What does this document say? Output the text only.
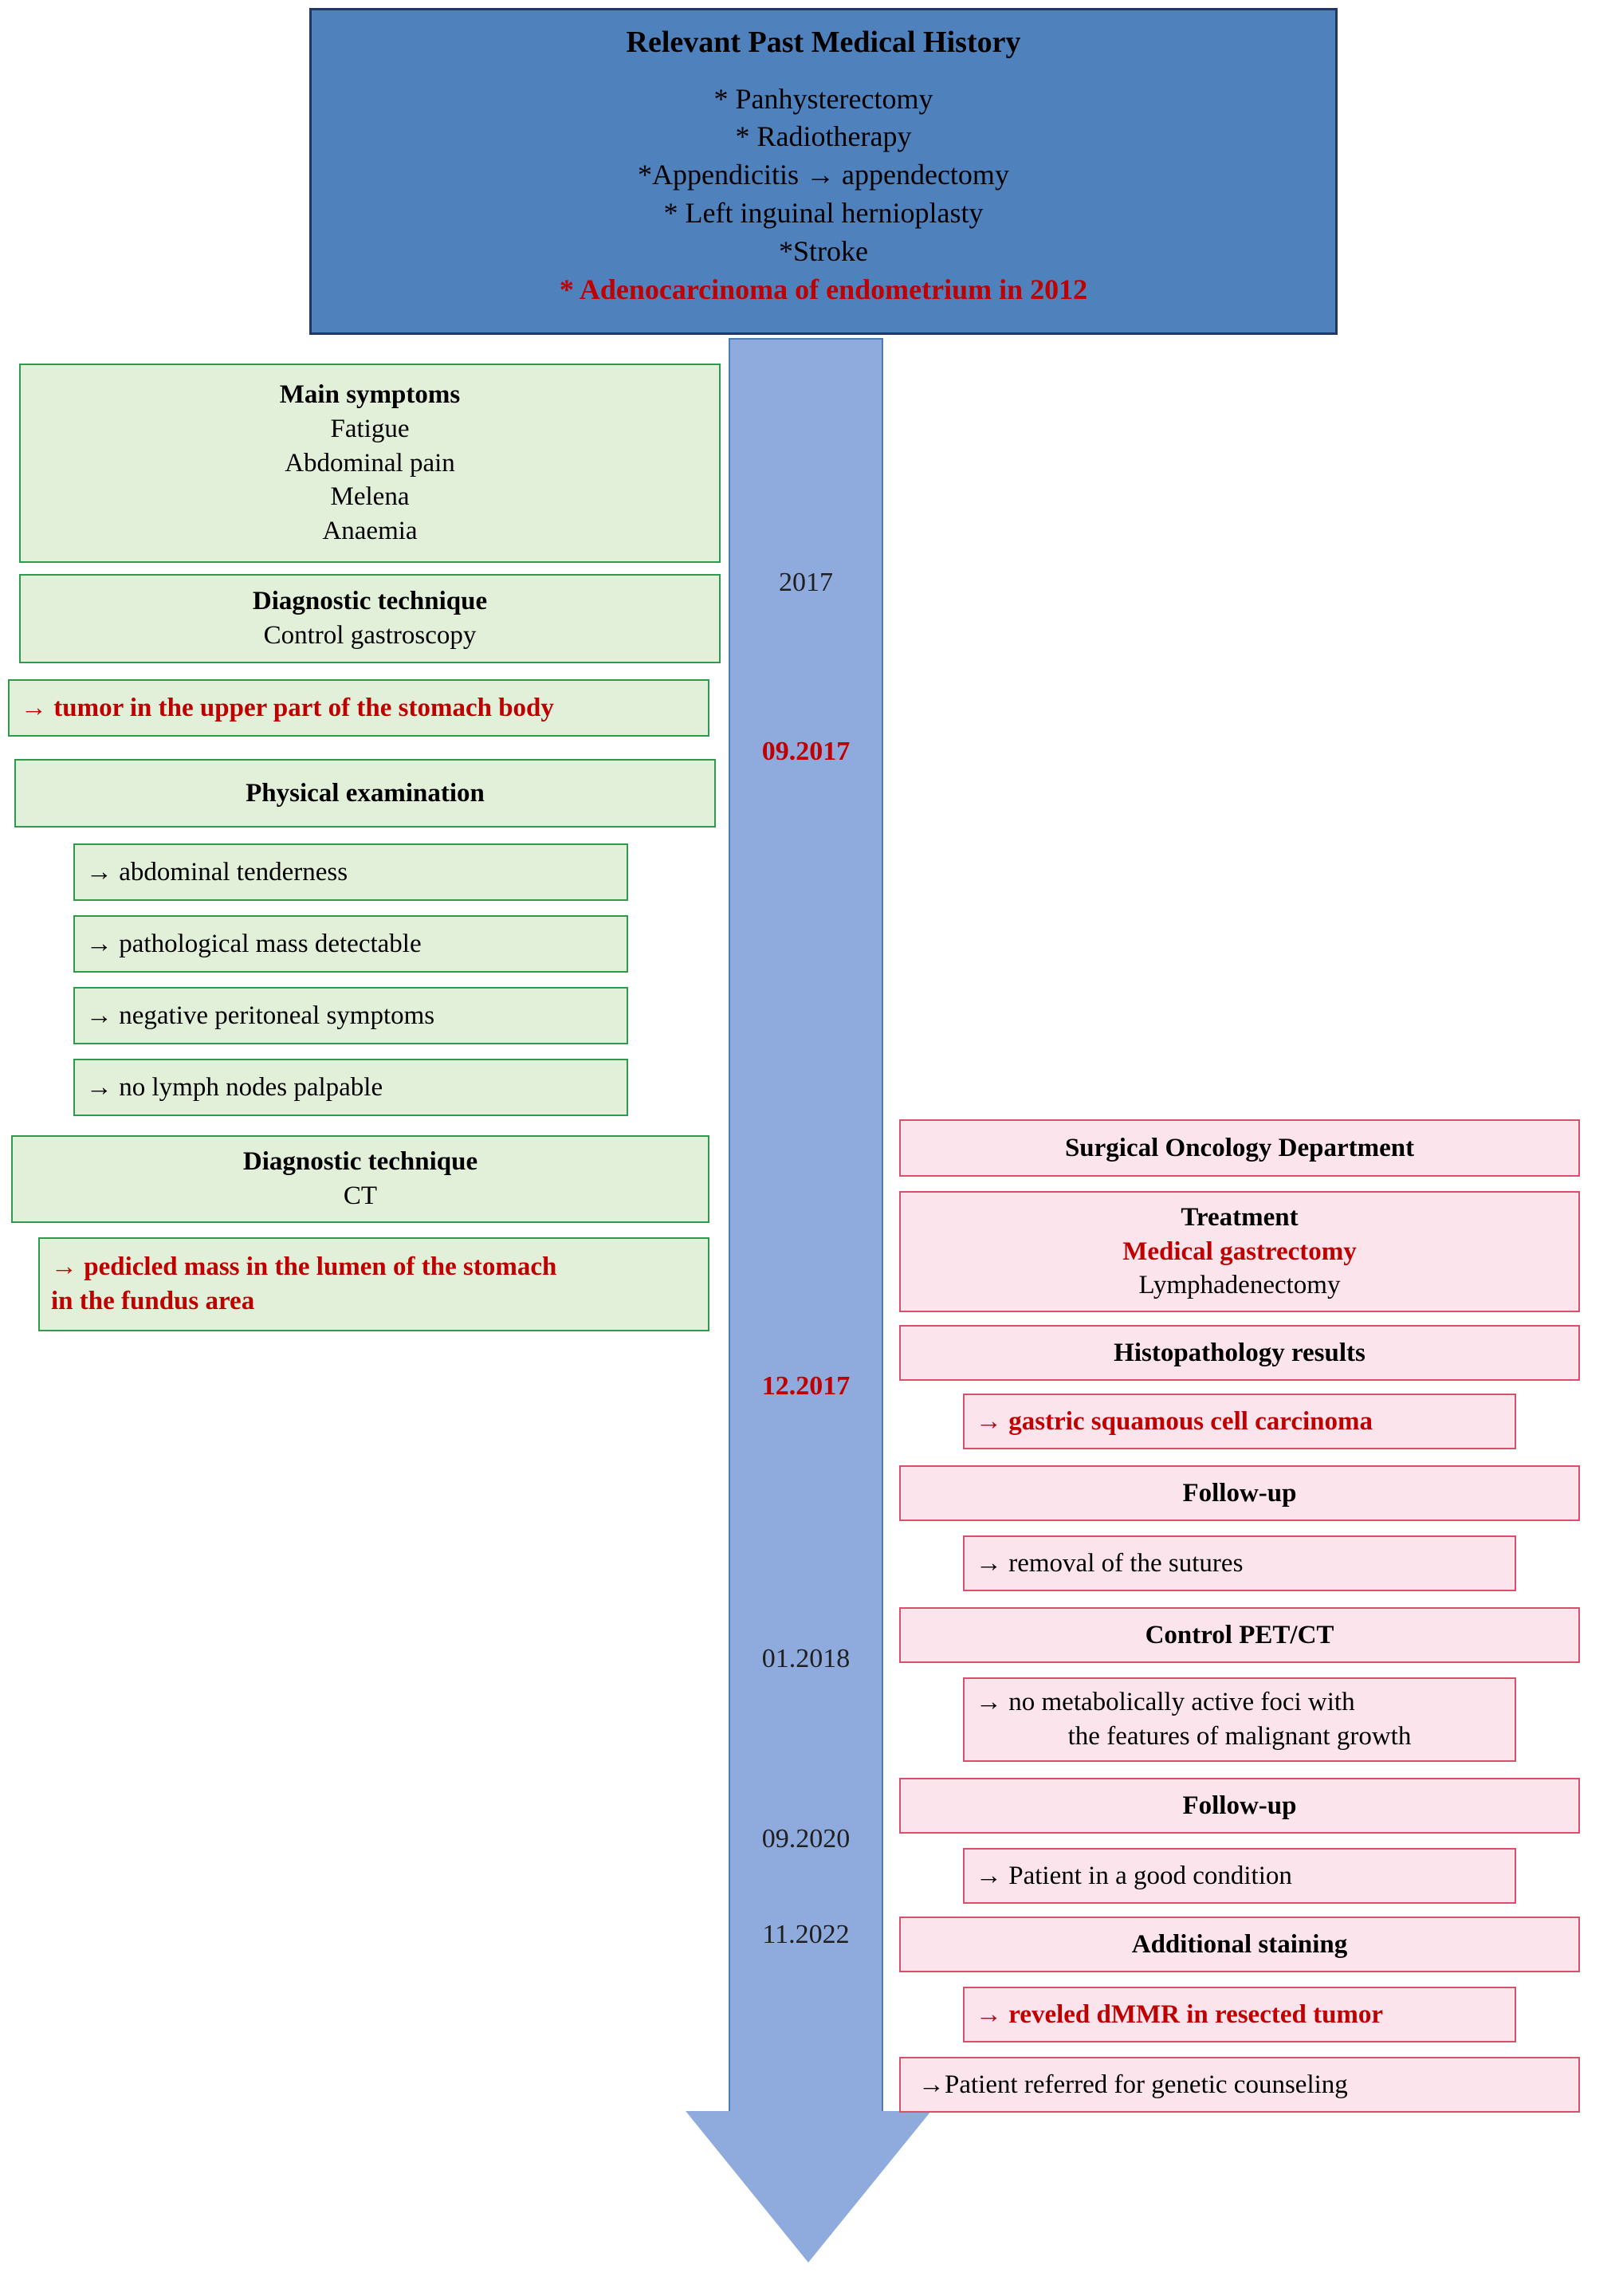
Relevant Past Medical History
* Panhysterectomy
* Radiotherapy
*Appendicitis → appendectomy
* Left inguinal hernioplasty
*Stroke
* Adenocarcinoma of endometrium in 2012
2017
09.2017
12.2017
01.2018
09.2020
11.2022
Main symptoms
Fatigue
Abdominal pain
Melena
Anaemia
Diagnostic technique
Control gastroscopy
→ tumor in the upper part of the stomach body
Physical examination
→ abdominal tenderness
→ pathological mass detectable
→ negative peritoneal symptoms
→ no lymph nodes palpable
Diagnostic technique
CT
→ pedicled mass in the lumen of the stomach
in the fundus area
Surgical Oncology Department
Treatment
Medical gastrectomy
Lymphadenectomy
Histopathology results
→ gastric squamous cell carcinoma
Follow-up
→ removal of the sutures
Control PET/CT
→ no metabolically active foci with
the features of malignant growth
Follow-up
→ Patient in a good condition
Additional staining
→ reveled dMMR in resected tumor
→Patient referred for genetic counseling
